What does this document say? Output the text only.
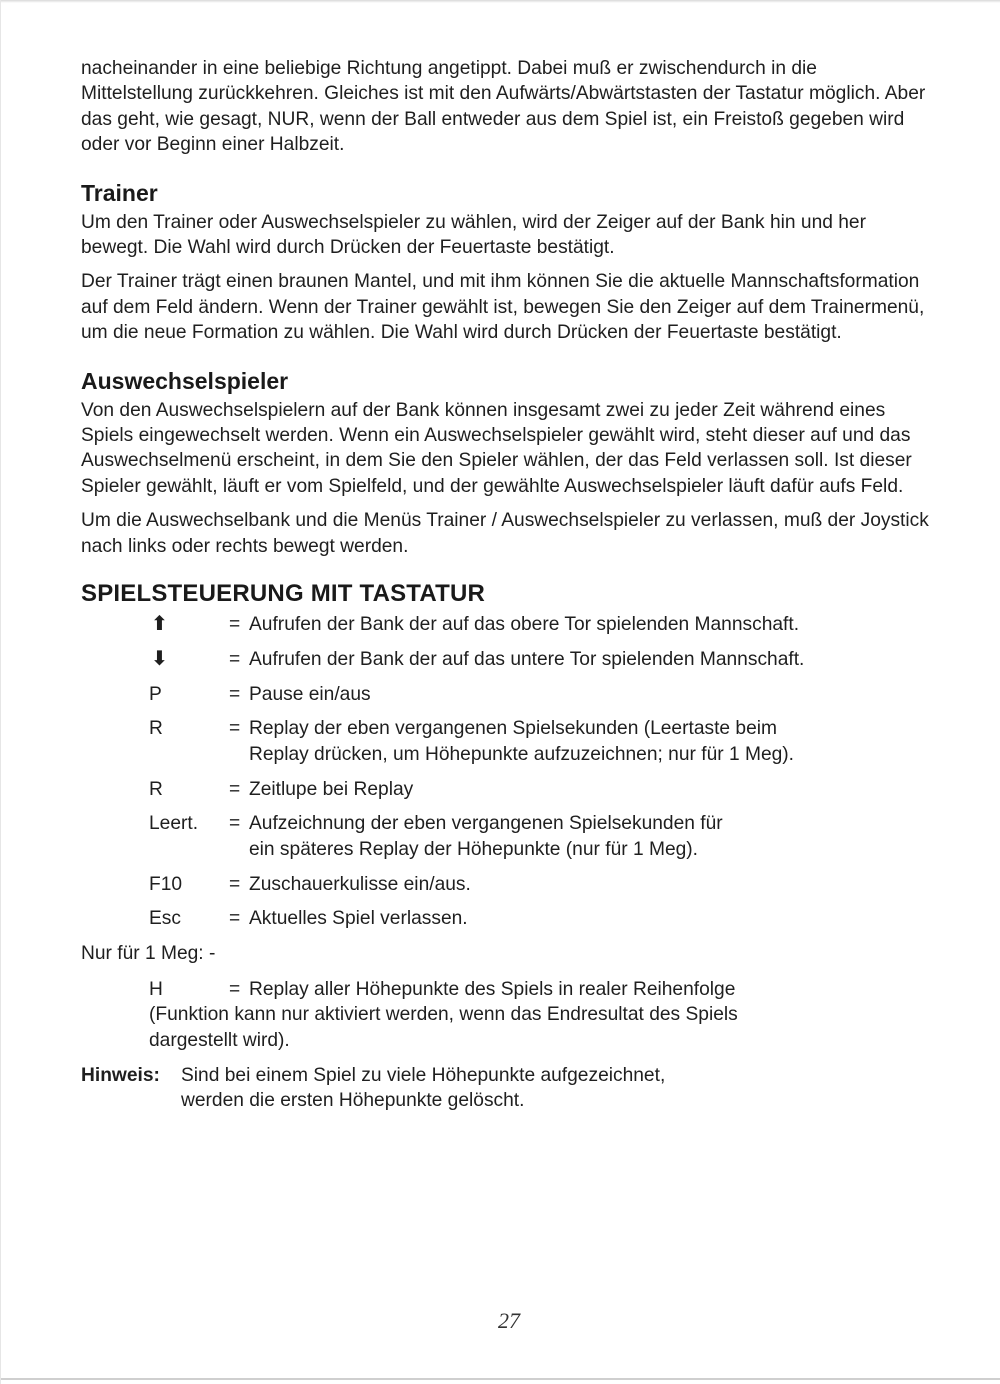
nacheinander in eine beliebige Richtung angetippt. Dabei muß er zwischendurch in die Mittelstellung zurückkehren. Gleiches ist mit den Aufwärts/Abwärtstasten der Tastatur möglich. Aber das geht, wie gesagt, NUR, wenn der Ball entweder aus dem Spiel ist, ein Freistoß gegeben wird oder vor Beginn einer Halbzeit.

Trainer

Um den Trainer oder Auswechselspieler zu wählen, wird der Zeiger auf der Bank hin und her bewegt. Die Wahl wird durch Drücken der Feuertaste bestätigt.

Der Trainer trägt einen braunen Mantel, und mit ihm können Sie die aktuelle Mannschaftsformation auf dem Feld ändern. Wenn der Trainer gewählt ist, bewegen Sie den Zeiger auf dem Trainermenü, um die neue Formation zu wählen. Die Wahl wird durch Drücken der Feuertaste bestätigt.

Auswechselspieler

Von den Auswechselspielern auf der Bank können insgesamt zwei zu jeder Zeit während eines Spiels eingewechselt werden. Wenn ein Auswechselspieler gewählt wird, steht dieser auf und das Auswechselmenü erscheint, in dem Sie den Spieler wählen, der das Feld verlassen soll. Ist dieser Spieler gewählt, läuft er vom Spielfeld, und der gewählte Auswechselspieler läuft dafür aufs Feld.

Um die Auswechselbank und die Menüs Trainer / Auswechselspieler zu verlassen, muß der Joystick nach links oder rechts bewegt werden.

SPIELSTEUERUNG MIT TASTATUR
⬆	= Aufrufen der Bank der auf das obere Tor spielenden Mannschaft.
⬇	= Aufrufen der Bank der auf das untere Tor spielenden Mannschaft.
P	= Pause ein/aus
R	= Replay der eben vergangenen Spielsekunden (Leertaste beim
Replay drücken, um Höhepunkte aufzuzeichnen; nur für 1 Meg).
R	= Zeitlupe bei Replay
Leert.	= Aufzeichnung der eben vergangenen Spielsekunden für
ein späteres Replay der Höhepunkte (nur für 1 Meg).
F10	= Zuschauerkulisse ein/aus.
Esc	= Aktuelles Spiel verlassen.
Nur für 1 Meg: -
H	= Replay aller Höhepunkte des Spiels in realer Reihenfolge
(Funktion kann nur aktiviert werden, wenn das Endresultat des Spiels
dargestellt wird).
Hinweis:	Sind bei einem Spiel zu viele Höhepunkte aufgezeichnet,
werden die ersten Höhepunkte gelöscht.
27
